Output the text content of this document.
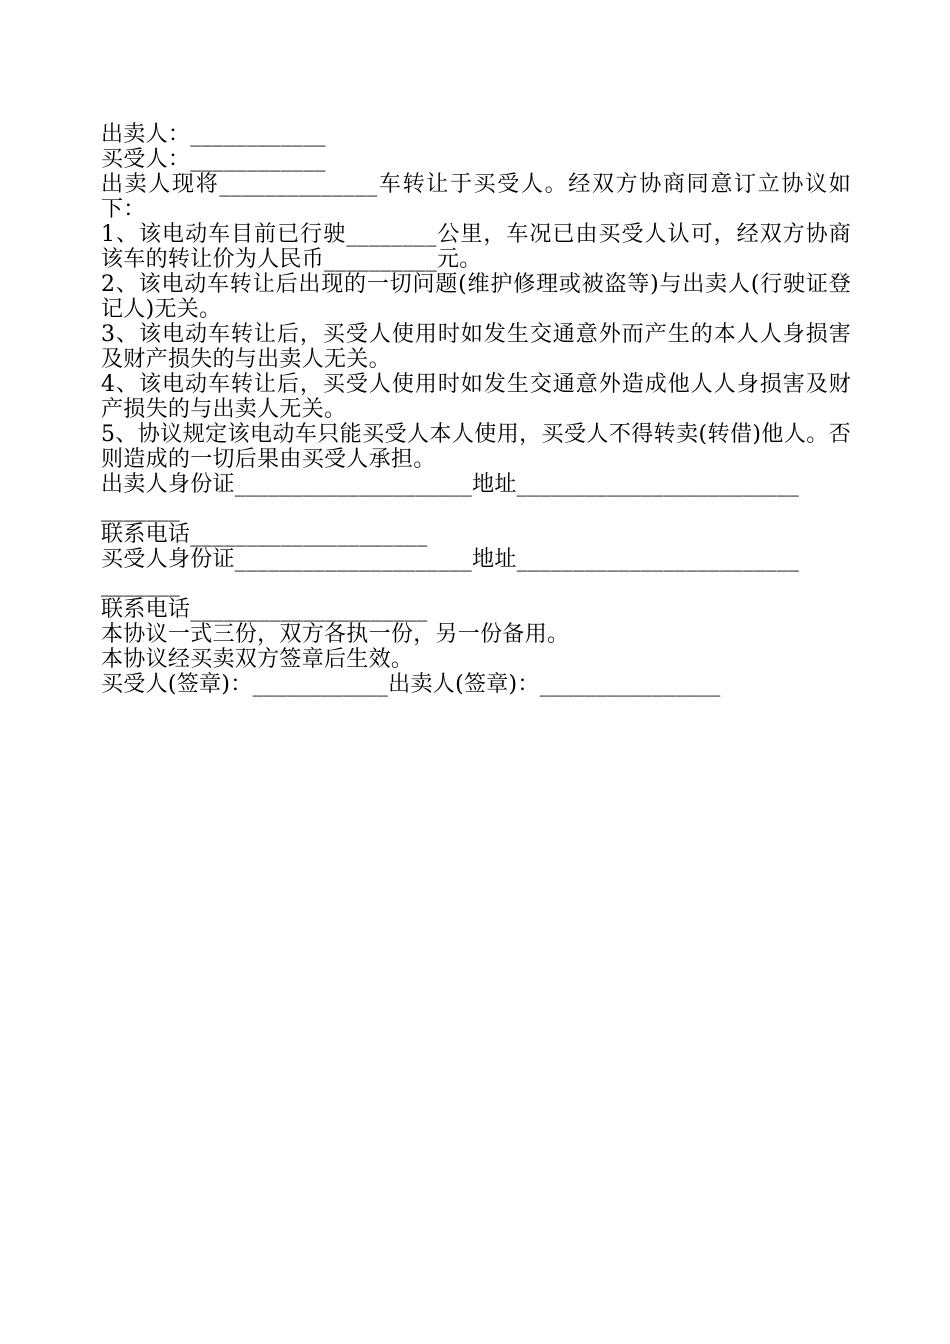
出卖人：____________
买受人：____________
出卖人现将______________车转让于买受人。经双方协商同意订立协议如下：
1、该电动车目前已行驶________公里，车况已由买受人认可，经双方协商该车的转让价为人民币__________元。
2、该电动车转让后出现的一切问题(维护修理或被盗等)与出卖人(行驶证登记人)无关。
3、该电动车转让后，买受人使用时如发生交通意外而产生的本人人身损害及财产损失的与出卖人无关。
4、该电动车转让后，买受人使用时如发生交通意外造成他人人身损害及财产损失的与出卖人无关。
5、协议规定该电动车只能买受人本人使用，买受人不得转卖(转借)他人。否则造成的一切后果由买受人承担。
出卖人身份证_____________________地址_________________________
_______
联系电话_____________________
买受人身份证_____________________地址_________________________
_______
联系电话_____________________
本协议一式三份，双方各执一份，另一份备用。
本协议经买卖双方签章后生效。
买受人(签章)：____________出卖人(签章)：________________
